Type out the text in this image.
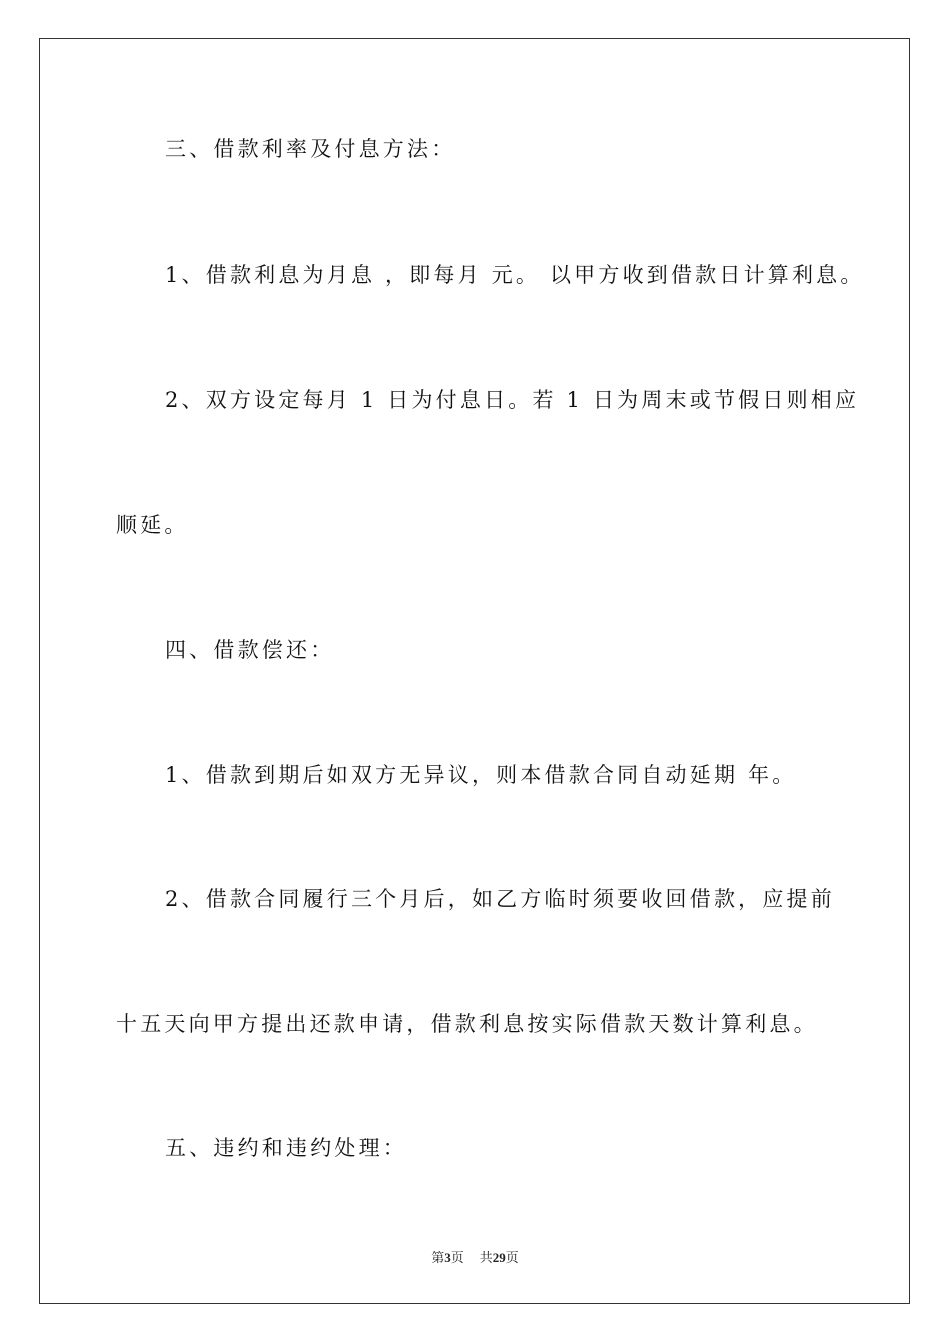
三、借款利率及付息方法：
1、借款利息为月息 ，即每月 元。 以甲方收到借款日计算利息。
2、双方设定每月 1 日为付息日。若 1 日为周末或节假日则相应
顺延。
四、借款偿还：
1、借款到期后如双方无异议，则本借款合同自动延期 年。
2、借款合同履行三个月后，如乙方临时须要收回借款，应提前
十五天向甲方提出还款申请，借款利息按实际借款天数计算利息。
五、违约和违约处理：
第3页 共29页
